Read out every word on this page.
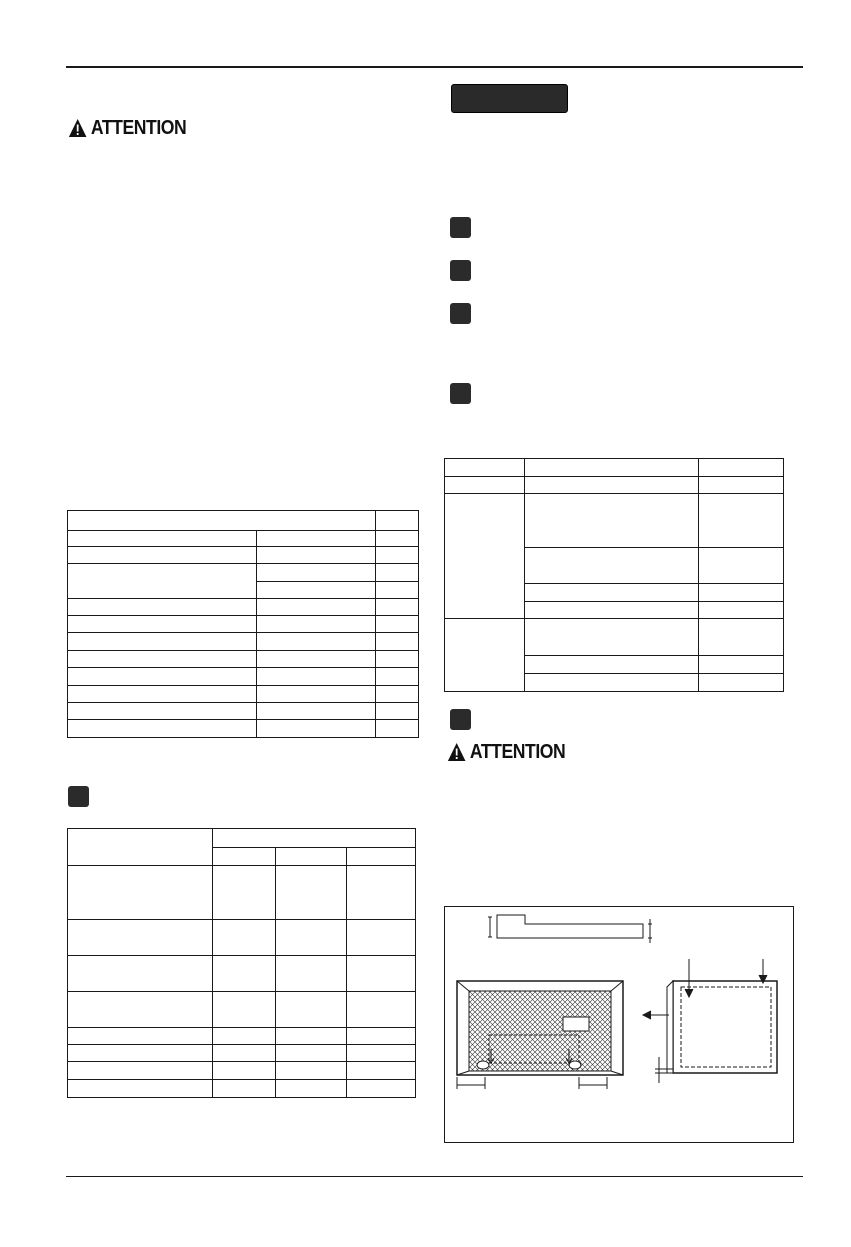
ATTENTION

ATTENTION
